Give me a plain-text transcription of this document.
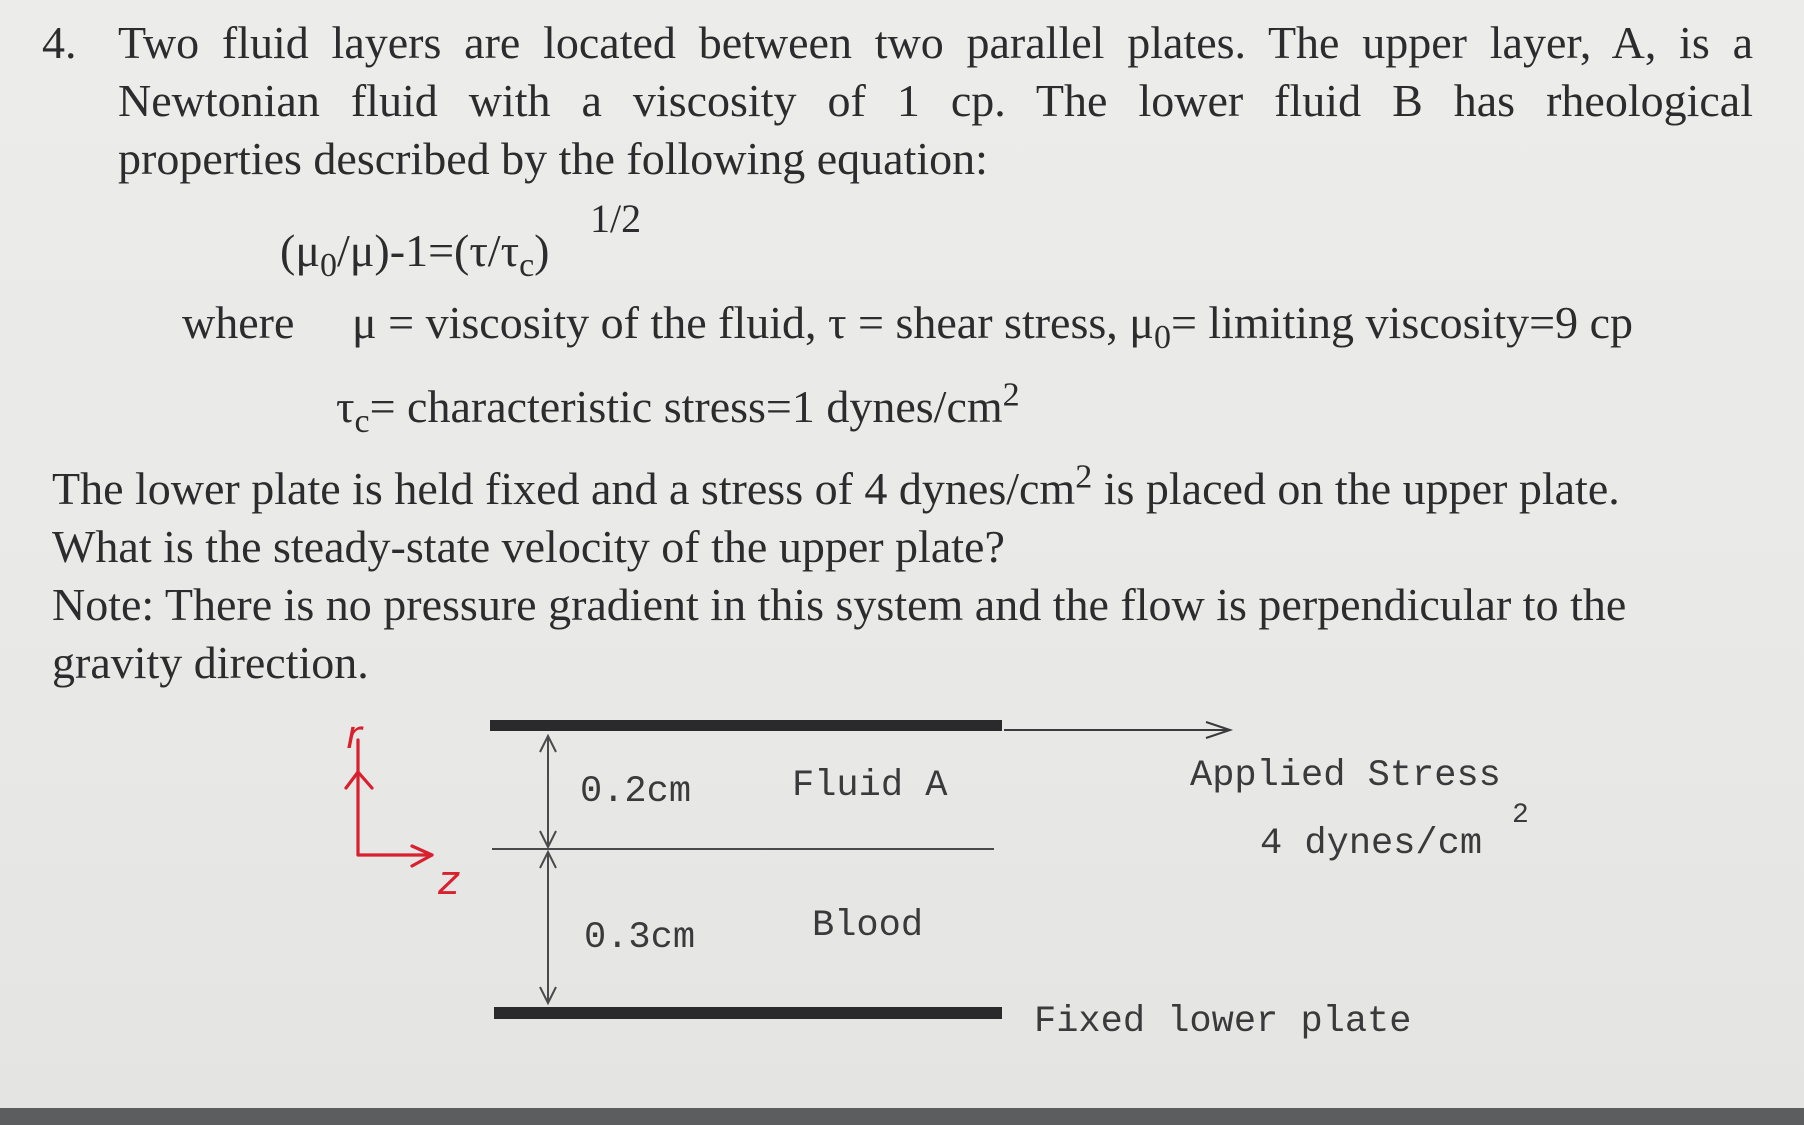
4. Two fluid layers are located between two parallel plates. The upper layer, A, is a
Newtonian fluid with a viscosity of 1 cp. The lower fluid B has rheological
properties described by the following equation:
$(\mu_0/\mu)-1=(\tau/\tau_c)$
1/2
where μ = viscosity of the fluid, τ = shear stress, $\mu_0=$ limiting viscosity=9 cp
$\tau_c=$ characteristic stress=1 dynes/$cm^2$
The lower plate is held fixed and a stress of 4 dynes/$cm^2$ is placed on the upper plate.
What is the steady-state velocity of the upper plate?
Note: There is no pressure gradient in this system and the flow is perpendicular to the
gravity direction.
r
z
0.2cm	Fluid A
0.3cm	Blood
Applied Stress
4 dynes/cm
2
Fixed lower plate
